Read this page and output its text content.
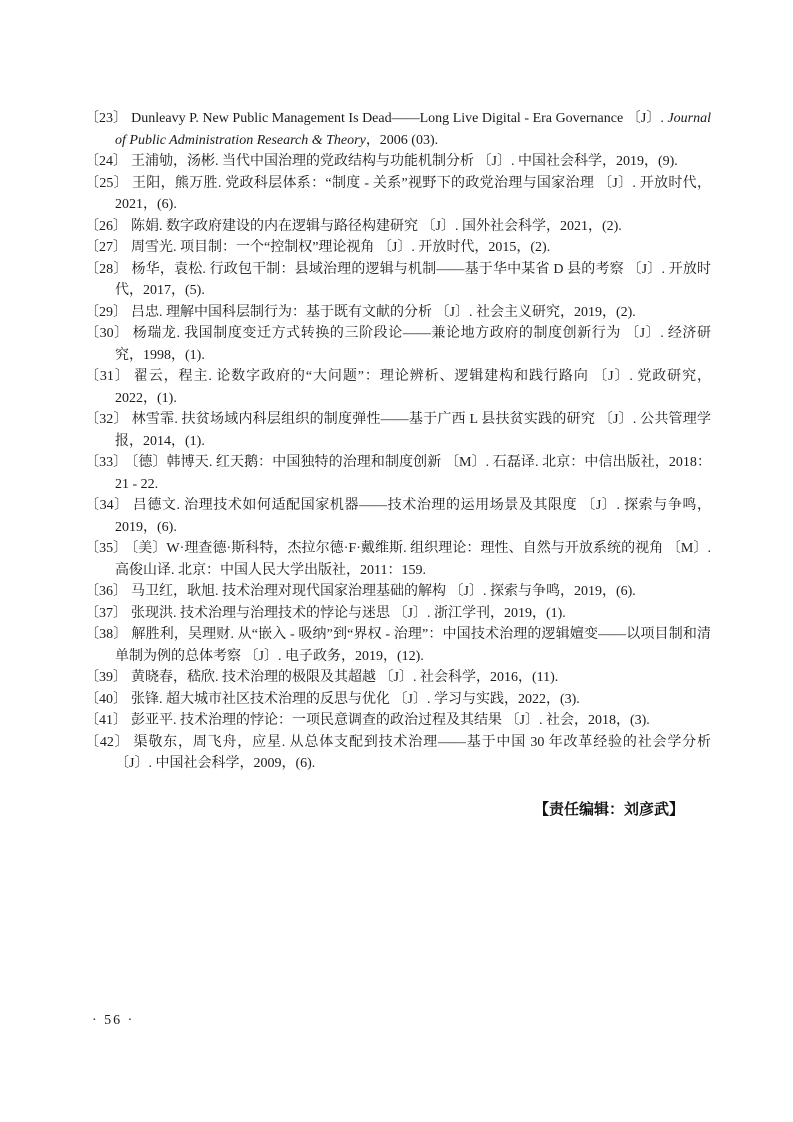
〔23〕 Dunleavy P. New Public Management Is Dead——Long Live Digital - Era Governance 〔J〕. Journal of Public Administration Research & Theory，2006 (03).
〔24〕 王浦劬，汤彬. 当代中国治理的党政结构与功能机制分析 〔J〕. 中国社会科学，2019，(9).
〔25〕 王阳，熊万胜. 党政科层体系：“制度 - 关系”视野下的政党治理与国家治理 〔J〕. 开放时代，2021，(6).
〔26〕 陈娟. 数字政府建设的内在逻辑与路径构建研究 〔J〕. 国外社会科学，2021，(2).
〔27〕 周雪光. 项目制：一个“控制权”理论视角 〔J〕. 开放时代，2015，(2).
〔28〕 杨华，袁松. 行政包干制：县域治理的逻辑与机制——基于华中某省 D 县的考察 〔J〕. 开放时代，2017，(5).
〔29〕 吕忠. 理解中国科层制行为：基于既有文献的分析 〔J〕. 社会主义研究，2019，(2).
〔30〕 杨瑞龙. 我国制度变迁方式转换的三阶段论——兼论地方政府的制度创新行为 〔J〕. 经济研究，1998，(1).
〔31〕 翟云，程主. 论数字政府的“大问题”：理论辨析、逻辑建构和践行路向 〔J〕. 党政研究，2022，(1).
〔32〕 林雪霏. 扶贫场域内科层组织的制度弹性——基于广西 L 县扶贫实践的研究 〔J〕. 公共管理学报，2014，(1).
〔33〕 〔德〕韩博天. 红天鹅：中国独特的治理和制度创新 〔M〕. 石磊译. 北京：中信出版社，2018：21 - 22.
〔34〕 吕德文. 治理技术如何适配国家机器——技术治理的运用场景及其限度 〔J〕. 探索与争鸣，2019，(6).
〔35〕 〔美〕W·理查德·斯科特，杰拉尔德·F·戴维斯. 组织理论：理性、自然与开放系统的视角 〔M〕. 高俊山译. 北京：中国人民大学出版社，2011：159.
〔36〕 马卫红，耿旭. 技术治理对现代国家治理基础的解构 〔J〕. 探索与争鸣，2019，(6).
〔37〕 张现洪. 技术治理与治理技术的悖论与迷思 〔J〕. 浙江学刊，2019，(1).
〔38〕 解胜利，吴理财. 从“嵌入 - 吸纳”到“界权 - 治理”：中国技术治理的逻辑嬗变——以项目制和清单制为例的总体考察 〔J〕. 电子政务，2019，(12).
〔39〕 黄晓春，嵇欣. 技术治理的极限及其超越 〔J〕. 社会科学，2016，(11).
〔40〕 张锋. 超大城市社区技术治理的反思与优化 〔J〕. 学习与实践，2022，(3).
〔41〕 彭亚平. 技术治理的悖论：一项民意调查的政治过程及其结果 〔J〕. 社会，2018，(3).
〔42〕 渠敬东，周飞舟，应星. 从总体支配到技术治理——基于中国 30 年改革经验的社会学分析 〔J〕. 中国社会科学，2009，(6).
【责任编辑：刘彦武】
· 56 ·
